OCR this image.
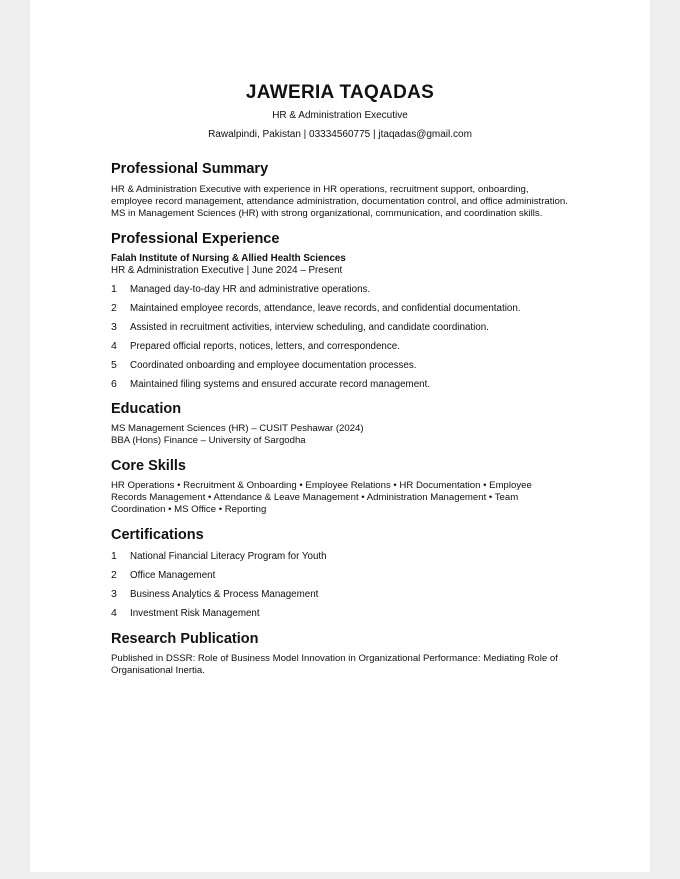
JAWERIA TAQADAS
HR & Administration Executive
Rawalpindi, Pakistan | 03334560775 | jtaqadas@gmail.com
Professional Summary

HR & Administration Executive with experience in HR operations, recruitment support, onboarding, employee record management, attendance administration, documentation control, and office administration. MS in Management Sciences (HR) with strong organizational, communication, and coordination skills.

Professional Experience
Falah Institute of Nursing & Allied Health Sciences
HR & Administration Executive | June 2024 – Present
1	Managed day-to-day HR and administrative operations.
2	Maintained employee records, attendance, leave records, and confidential documentation.
3	Assisted in recruitment activities, interview scheduling, and candidate coordination.
4	Prepared official reports, notices, letters, and correspondence.
5	Coordinated onboarding and employee documentation processes.
6	Maintained filing systems and ensured accurate record management.
Education
MS Management Sciences (HR) – CUSIT Peshawar (2024)
BBA (Hons) Finance – University of Sargodha
Core Skills

HR Operations • Recruitment & Onboarding • Employee Relations • HR Documentation • Employee Records Management • Attendance & Leave Management • Administration Management • Team Coordination • MS Office • Reporting

Certifications
1	National Financial Literacy Program for Youth
2	Office Management
3	Business Analytics & Process Management
4	Investment Risk Management
Research Publication

Published in DSSR: Role of Business Model Innovation in Organizational Performance: Mediating Role of Organisational Inertia.
